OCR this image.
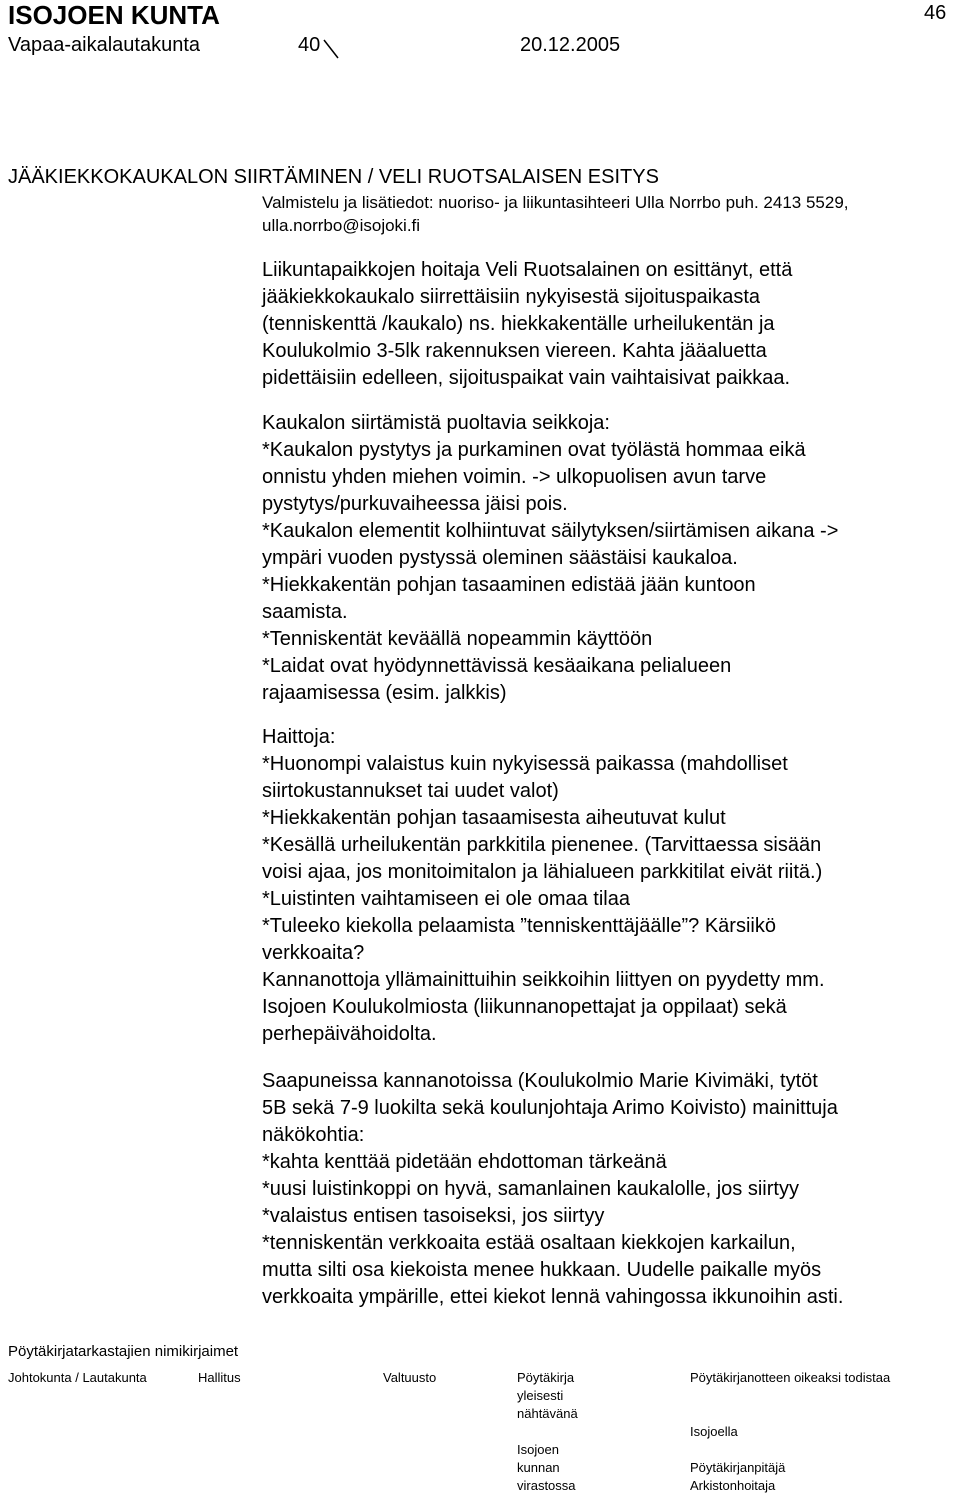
ISOJOEN KUNTA	46
Vapaa-aikalautakunta	40	20.12.2005
JÄÄKIEKKOKAUKALON SIIRTÄMINEN / VELI RUOTSALAISEN ESITYS
Valmistelu ja lisätiedot: nuoriso- ja liikuntasihteeri Ulla Norrbo puh. 2413 5529,
ulla.norrbo@isojoki.fi

Liikuntapaikkojen hoitaja Veli Ruotsalainen on esittänyt, että

jääkiekkokaukalo siirrettäisiin nykyisestä sijoituspaikasta

(tenniskenttä /kaukalo) ns. hiekkakentälle urheilukentän ja

Koulukolmio 3-5lk rakennuksen viereen. Kahta jääaluetta

pidettäisiin edelleen, sijoituspaikat vain vaihtaisivat paikkaa.

Kaukalon siirtämistä puoltavia seikkoja:

*Kaukalon pystytys ja purkaminen ovat työlästä hommaa eikä

onnistu yhden miehen voimin. -> ulkopuolisen avun tarve

pystytys/purkuvaiheessa jäisi pois.

*Kaukalon elementit kolhiintuvat säilytyksen/siirtämisen aikana ->

ympäri vuoden pystyssä oleminen säästäisi kaukaloa.

*Hiekkakentän pohjan tasaaminen edistää jään kuntoon

saamista.

*Tenniskentät keväällä nopeammin käyttöön

*Laidat ovat hyödynnettävissä kesäaikana pelialueen

rajaamisessa (esim. jalkkis)

Haittoja:

*Huonompi valaistus kuin nykyisessä paikassa (mahdolliset

siirtokustannukset tai uudet valot)

*Hiekkakentän pohjan tasaamisesta aiheutuvat kulut

*Kesällä urheilukentän parkkitila pienenee. (Tarvittaessa sisään

voisi ajaa, jos monitoimitalon ja lähialueen parkkitilat eivät riitä.)

*Luistinten vaihtamiseen ei ole omaa tilaa

*Tuleeko kiekolla pelaamista ”tenniskenttäjäälle”? Kärsiikö

verkkoaita?

Kannanottoja yllämainittuihin seikkoihin liittyen on pyydetty mm.

Isojoen Koulukolmiosta (liikunnanopettajat ja oppilaat) sekä

perhepäivähoidolta.

Saapuneissa kannanotoissa (Koulukolmio Marie Kivimäki, tytöt

5B sekä 7-9 luokilta sekä koulunjohtaja Arimo Koivisto) mainittuja

näkökohtia:

*kahta kenttää pidetään ehdottoman tärkeänä

*uusi luistinkoppi on hyvä, samanlainen kaukalolle, jos siirtyy

*valaistus entisen tasoiseksi, jos siirtyy

*tenniskentän verkkoaita estää osaltaan kiekkojen karkailun,

mutta silti osa kiekoista menee hukkaan. Uudelle paikalle myös

verkkoaita ympärille, ettei kiekot lennä vahingossa ikkunoihin asti.

Pöytäkirjatarkastajien nimikirjaimet
Johtokunta / Lautakunta	Hallitus	Valtuusto	Pöytäkirja
yleisesti
nähtävänä
Isojoen
kunnan
virastossa
Pöytäkirjanotteen oikeaksi todistaa
Isojoella
Pöytäkirjanpitäjä
Arkistonhoitaja
